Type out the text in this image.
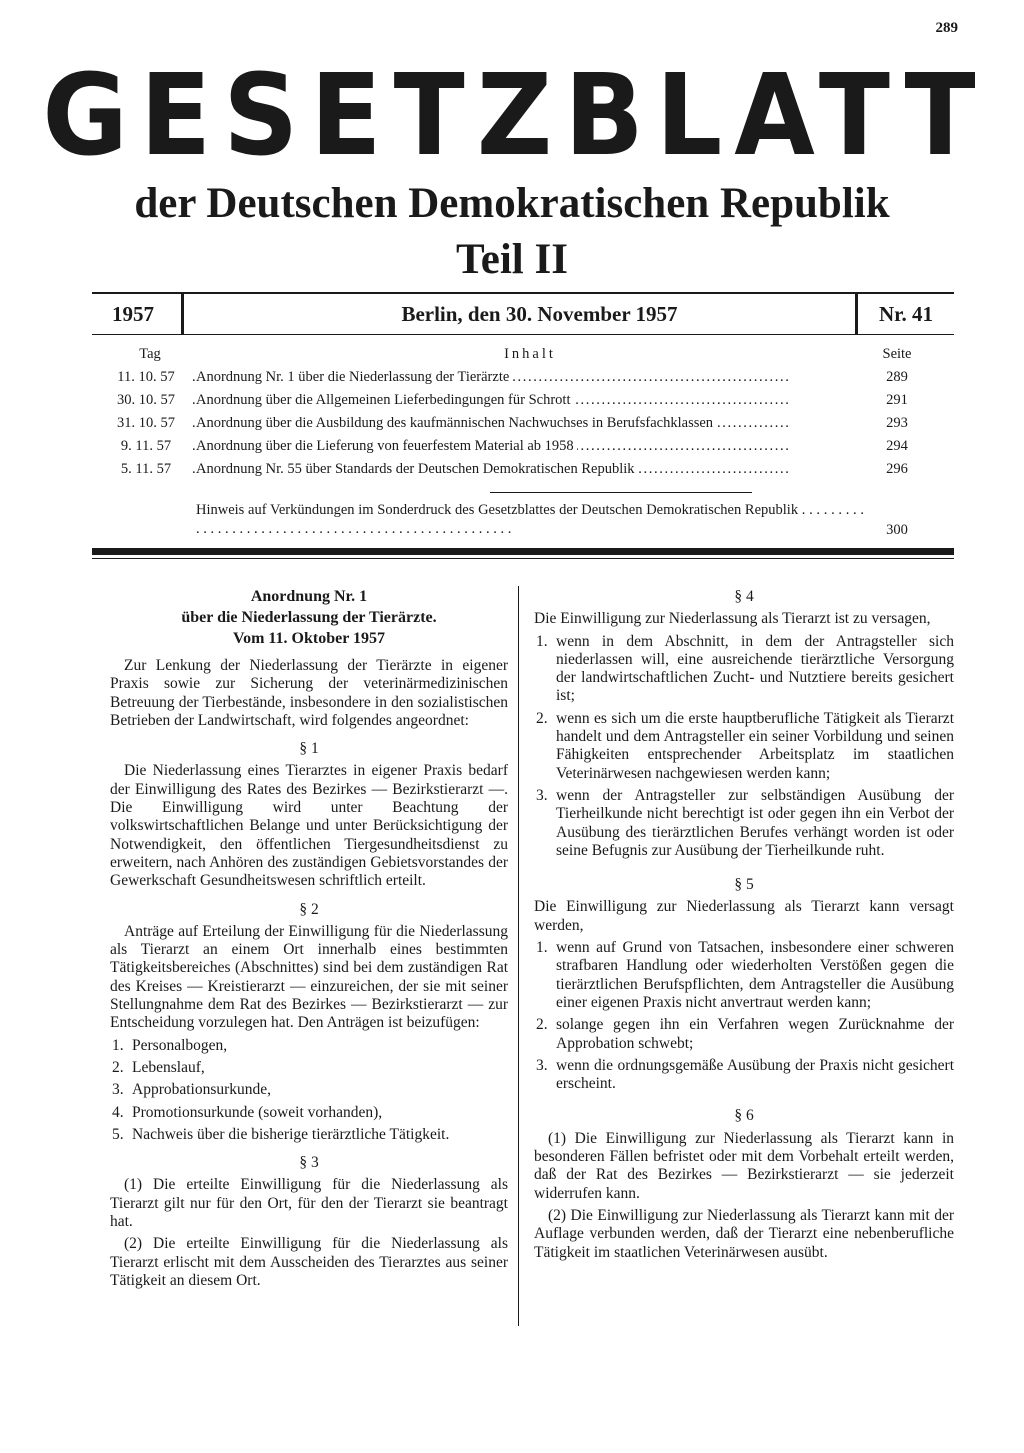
289
GESETZBLATT
der Deutschen Demokratischen Republik
Teil II
1957	Berlin, den 30. November 1957	Nr. 41
Tag	Inhalt	Seite
11. 10. 57	Anordnung Nr. 1 über die Niederlassung der Tierärzte . . .	289
30. 10. 57	Anordnung über die Allgemeinen Lieferbedingungen für Schrott . . .	291
31. 10. 57	Anordnung über die Ausbildung des kaufmännischen Nachwuchses in Berufsfachklassen . . .	293
9. 11. 57	Anordnung über die Lieferung von feuerfestem Material ab 1958 . . .	294
5. 11. 57	Anordnung Nr. 55 über Standards der Deutschen Demokratischen Republik . . .	296
Hinweis auf Verkündungen im Sonderdruck des Gesetzblattes der Deutschen Demokratischen Republik . . . . . . . . . . . . . . . . . . . . . . . . . . . . . . . . . . . . . . . . . . . . . . . . . . . . .	300
Anordnung Nr. 1
über die Niederlassung der Tierärzte.
Vom 11. Oktober 1957

Zur Lenkung der Niederlassung der Tierärzte in eigener Praxis sowie zur Sicherung der veterinärmedizinischen Betreuung der Tierbestände, insbesondere in den sozialistischen Betrieben der Landwirtschaft, wird folgendes angeordnet:

§ 1

Die Niederlassung eines Tierarztes in eigener Praxis bedarf der Einwilligung des Rates des Bezirkes — Bezirkstierarzt —. Die Einwilligung wird unter Beachtung der volkswirtschaftlichen Belange und unter Berücksichtigung der Notwendigkeit, den öffentlichen Tiergesundheitsdienst zu erweitern, nach Anhören des zuständigen Gebietsvorstandes der Gewerkschaft Gesundheitswesen schriftlich erteilt.

§ 2

Anträge auf Erteilung der Einwilligung für die Niederlassung als Tierarzt an einem Ort innerhalb eines bestimmten Tätigkeitsbereiches (Abschnittes) sind bei dem zuständigen Rat des Kreises — Kreistierarzt — einzureichen, der sie mit seiner Stellungnahme dem Rat des Bezirkes — Bezirkstierarzt — zur Entscheidung vorzulegen hat. Den Anträgen ist beizufügen:

1. Personalbogen,
2. Lebenslauf,
3. Approbationsurkunde,
4. Promotionsurkunde (soweit vorhanden),
5. Nachweis über die bisherige tierärztliche Tätigkeit.
§ 3

(1) Die erteilte Einwilligung für die Niederlassung als Tierarzt gilt nur für den Ort, für den der Tierarzt sie beantragt hat.

(2) Die erteilte Einwilligung für die Niederlassung als Tierarzt erlischt mit dem Ausscheiden des Tierarztes aus seiner Tätigkeit an diesem Ort.

§ 4

Die Einwilligung zur Niederlassung als Tierarzt ist zu versagen,

1. wenn in dem Abschnitt, in dem der Antragsteller sich niederlassen will, eine ausreichende tierärztliche Versorgung der landwirtschaftlichen Zucht- und Nutztiere bereits gesichert ist;
2. wenn es sich um die erste hauptberufliche Tätigkeit als Tierarzt handelt und dem Antragsteller ein seiner Vorbildung und seinen Fähigkeiten entsprechender Arbeitsplatz im staatlichen Veterinärwesen nachgewiesen werden kann;
3. wenn der Antragsteller zur selbständigen Ausübung der Tierheilkunde nicht berechtigt ist oder gegen ihn ein Verbot der Ausübung des tierärztlichen Berufes verhängt worden ist oder seine Befugnis zur Ausübung der Tierheilkunde ruht.
§ 5

Die Einwilligung zur Niederlassung als Tierarzt kann versagt werden,

1. wenn auf Grund von Tatsachen, insbesondere einer schweren strafbaren Handlung oder wiederholten Verstößen gegen die tierärztlichen Berufspflichten, dem Antragsteller die Ausübung einer eigenen Praxis nicht anvertraut werden kann;
2. solange gegen ihn ein Verfahren wegen Zurücknahme der Approbation schwebt;
3. wenn die ordnungsgemäße Ausübung der Praxis nicht gesichert erscheint.
§ 6

(1) Die Einwilligung zur Niederlassung als Tierarzt kann in besonderen Fällen befristet oder mit dem Vorbehalt erteilt werden, daß der Rat des Bezirkes — Bezirkstierarzt — sie jederzeit widerrufen kann.

(2) Die Einwilligung zur Niederlassung als Tierarzt kann mit der Auflage verbunden werden, daß der Tierarzt eine nebenberufliche Tätigkeit im staatlichen Veterinärwesen ausübt.
